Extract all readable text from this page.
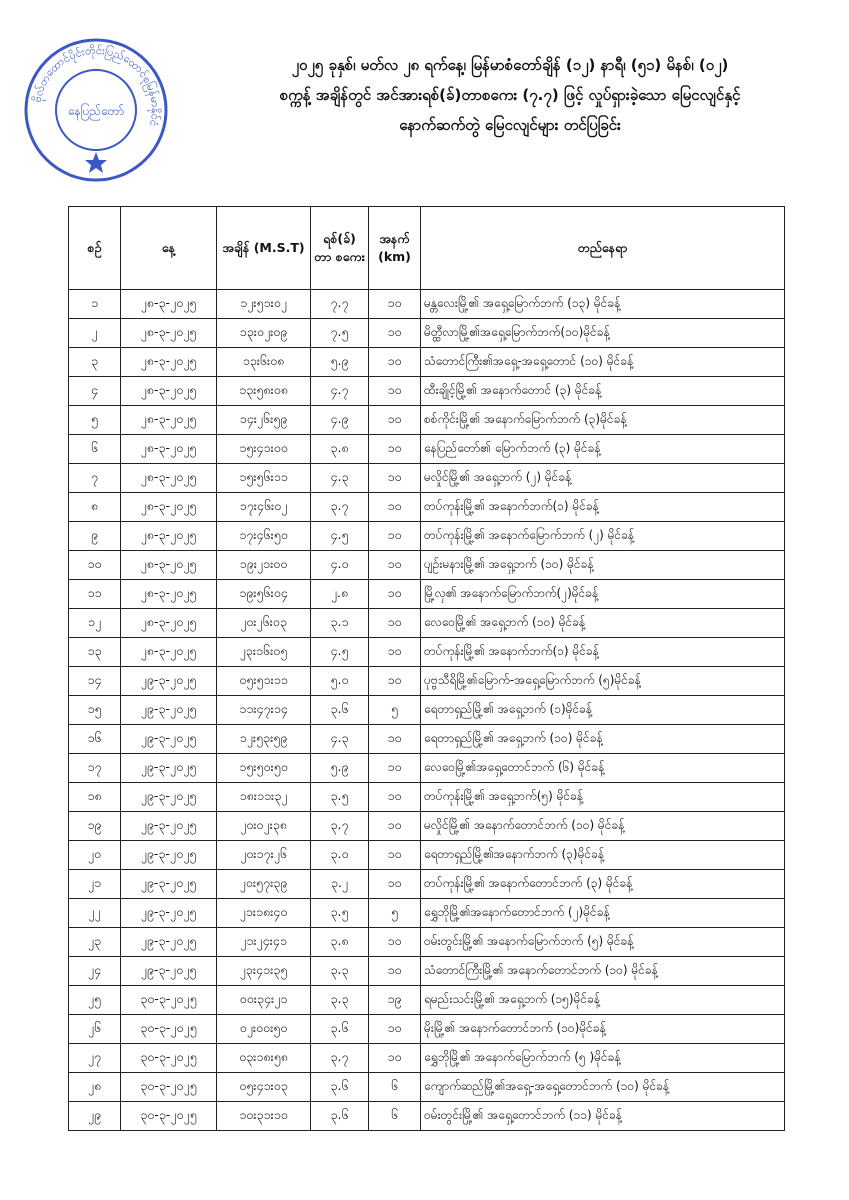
ဗိုလ်တထောင်ပိုင်းတိုင်းပြည်ထောင်စုမြန်မာနိုင်ငံ
နေပြည်တော်
၂၀၂၅ ခုနှစ်၊ မတ်လ ၂၈ ရက်နေ့၊ မြန်မာစံတော်ချိန် (၁၂) နာရီ၊ (၅၁) မိနစ်၊ (၀၂)
စက္ကန့် အချိန်တွင် အင်အားရစ်(ခ်)တာစကေး (၇.၇) ဖြင့် လှုပ်ရှားခဲ့သော မြေငလျင်နှင့်
နောက်ဆက်တွဲ မြေငလျင်များ တင်ပြခြင်း
စဉ်	နေ့	အချိန် (M.S.T)	ရစ်(ခ်) တာ စကေး	အနက် (km)	တည်နေရာ
၁	၂၈-၃-၂၀၂၅	၁၂း၅၁း၀၂	၇.၇	၁၀	မန္တလေးမြို့၏ အရှေ့မြောက်ဘက် (၁၃) မိုင်ခန့်
၂	၂၈-၃-၂၀၂၅	၁၃း၀၂း၀၉	၇.၅	၁၀	မိတ္ထီလာမြို့၏အရှေ့မြောက်ဘက်(၁၀)မိုင်ခန့်
၃	၂၈-၃-၂၀၂၅	၁၃း၆း၀၈	၅.၉	၁၀	သံတောင်ကြီး၏အရှေ့-အရှေ့တောင် (၁၀) မိုင်ခန့်
၄	၂၈-၃-၂၀၂၅	၁၃း၅၈း၀၈	၄.၇	၁၀	ထီးချိုင့်မြို့၏ အနောက်တောင် (၃) မိုင်ခန့်
၅	၂၈-၃-၂၀၂၅	၁၄း၂၆း၅၉	၄.၉	၁၀	စစ်ကိုင်းမြို့၏ အနောက်မြောက်ဘက် (၃)မိုင်ခန့်
၆	၂၈-၃-၂၀၂၅	၁၅း၄၁း၀၀	၃.၈	၁၀	နေပြည်တော်၏ မြောက်ဘက် (၃) မိုင်ခန့်
၇	၂၈-၃-၂၀၂၅	၁၅း၅၆း၁၁	၄.၃	၁၀	မလှိုင်မြို့၏ အရှေ့ဘက် (၂) မိုင်ခန့်
၈	၂၈-၃-၂၀၂၅	၁၇း၄၆း၀၂	၃.၇	၁၀	တပ်ကုန်းမြို့၏ အနောက်ဘက်(၁) မိုင်ခန့်
၉	၂၈-၃-၂၀၂၅	၁၇း၄၆း၅၀	၄.၅	၁၀	တပ်ကုန်းမြို့၏ အနောက်မြောက်ဘက် (၂) မိုင်ခန့်
၁၀	၂၈-၃-၂၀၂၅	၁၉း၂၁း၀၀	၄.၀	၁၀	ပျဉ်းမနားမြို့၏ အရှေ့ဘက် (၁၀) မိုင်ခန့်
၁၁	၂၈-၃-၂၀၂၅	၁၉း၅၆း၀၄	၂.၈	၁၀	မြို့လှ၏ အနောက်မြောက်ဘက်(၂)မိုင်ခန့်
၁၂	၂၈-၃-၂၀၂၅	၂၀း၂၆း၀၃	၃.၁	၁၀	လေဝေမြို့၏ အရှေ့ဘက် (၁၀) မိုင်ခန့်
၁၃	၂၈-၃-၂၀၂၅	၂၃း၁၆း၀၅	၄.၅	၁၀	တပ်ကုန်းမြို့၏ အနောက်ဘက်(၁) မိုင်ခန့်
၁၄	၂၉-၃-၂၀၂၅	၀၅း၅၁း၁၁	၅.၀	၁၀	ပုဗ္ဗသီရိမြို့၏မြောက်-အရှေ့မြောက်ဘက် (၅)မိုင်ခန့်
၁၅	၂၉-၃-၂၀၂၅	၁၁း၄၇း၁၄	၃.၆	၅	ရေတာရှည်မြို့၏ အရှေ့ဘက် (၁)မိုင်ခန့်
၁၆	၂၉-၃-၂၀၂၅	၁၂း၅၃း၅၉	၄.၃	၁၀	ရေတာရှည်မြို့၏ အရှေ့ဘက် (၁၀) မိုင်ခန့်
၁၇	၂၉-၃-၂၀၂၅	၁၅း၅၀း၅၀	၅.၉	၁၀	လေဝေမြို့၏အရှေ့တောင်ဘက် (၆) မိုင်ခန့်
၁၈	၂၉-၃-၂၀၂၅	၁၈း၁၁း၃၂	၃.၅	၁၀	တပ်ကုန်းမြို့၏ အရှေ့ဘက်(၅) မိုင်ခန့်
၁၉	၂၉-၃-၂၀၂၅	၂၀း၀၂း၃၈	၃.၇	၁၀	မလှိုင်မြို့၏ အနောက်တောင်ဘက် (၁၀) မိုင်ခန့်
၂၀	၂၉-၃-၂၀၂၅	၂၀း၁၇း၂၆	၃.၀	၁၀	ရေတာရှည်မြို့၏အနောက်ဘက် (၃)မိုင်ခန့်
၂၁	၂၉-၃-၂၀၂၅	၂၀း၅၇း၃၉	၃.၂	၁၀	တပ်ကုန်းမြို့၏ အနောက်တောင်ဘက် (၃) မိုင်ခန့်
၂၂	၂၉-၃-၂၀၂၅	၂၁း၁၈း၄၀	၃.၅	၅	ရွှေဘိုမြို့၏အနောက်တောင်ဘက် (၂)မိုင်ခန့်
၂၃	၂၉-၃-၂၀၂၅	၂၁း၂၄း၄၁	၃.၈	၁၀	ဝမ်းတွင်းမြို့၏ အနောက်မြောက်ဘက် (၅) မိုင်ခန့်
၂၄	၂၉-၃-၂၀၂၅	၂၃း၄၁း၃၅	၃.၃	၁၀	သံတောင်ကြီးမြို့၏ အနောက်တောင်ဘက် (၁၀) မိုင်ခန့်
၂၅	၃၀-၃-၂၀၂၅	၀၀း၃၄း၂၁	၃.၃	၁၉	ရမည်းသင်းမြို့၏ အရှေ့ဘက် (၁၅)မိုင်ခန့်
၂၆	၃၀-၃-၂၀၂၅	၀၂း၀၀း၅၀	၃.၆	၁၀	မိုးမြို့၏ အနောက်တောင်ဘက် (၁၀)မိုင်ခန့်
၂၇	၃၀-၃-၂၀၂၅	၀၃း၁၈း၅၈	၃.၇	၁၀	ရွှေဘိုမြို့၏ အနောက်မြောက်ဘက် (၅ )မိုင်ခန့်
၂၈	၃၀-၃-၂၀၂၅	၀၅း၄၁း၀၃	၃.၆	၆	ကျောက်ဆည်မြို့၏အရှေ့-အရှေ့တောင်ဘက် (၁၀) မိုင်ခန့်
၂၉	၃၀-၃-၂၀၂၅	၁၀း၃၁း၁၀	၃.၆	၆	ဝမ်းတွင်းမြို့၏ အရှေ့တောင်ဘက် (၁၁) မိုင်ခန့်
